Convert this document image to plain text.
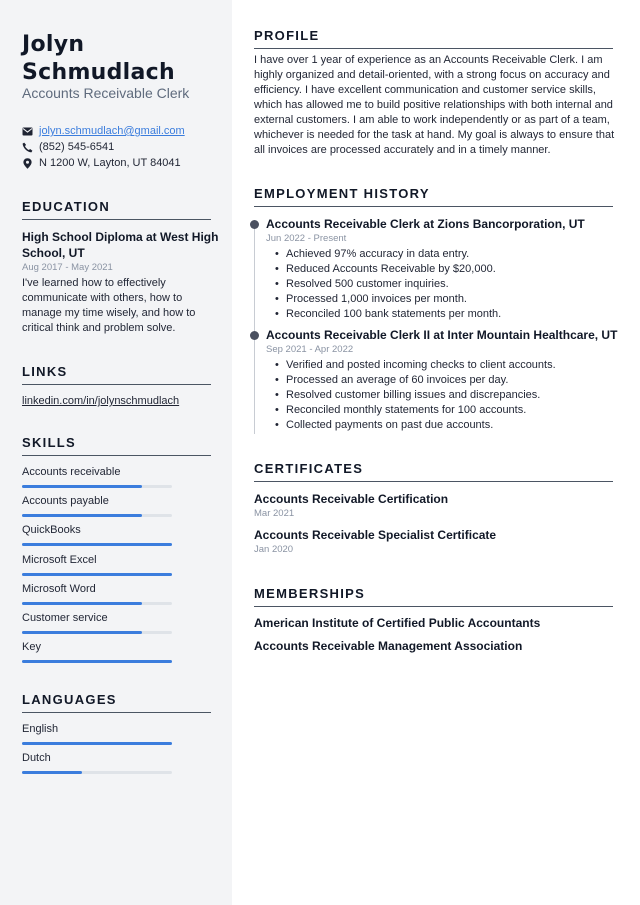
Jolyn Schmudlach
Accounts Receivable Clerk
jolyn.schmudlach@gmail.com
(852) 545-6541
N 1200 W, Layton, UT 84041
EDUCATION
High School Diploma at West High School, UT
Aug 2017 - May 2021
I've learned how to effectively communicate with others, how to manage my time wisely, and how to critical think and problem solve.
LINKS
linkedin.com/in/jolynschmudlach
SKILLS
Accounts receivable
Accounts payable
QuickBooks
Microsoft Excel
Microsoft Word
Customer service
Key
LANGUAGES
English
Dutch
PROFILE
I have over 1 year of experience as an Accounts Receivable Clerk. I am highly organized and detail-oriented, with a strong focus on accuracy and efficiency. I have excellent communication and customer service skills, which has allowed me to build positive relationships with both internal and external customers. I am able to work independently or as part of a team, whichever is needed for the task at hand. My goal is always to ensure that all invoices are processed accurately and in a timely manner.
EMPLOYMENT HISTORY
Accounts Receivable Clerk at Zions Bancorporation, UT
Jun 2022 - Present
• Achieved 97% accuracy in data entry.
• Reduced Accounts Receivable by $20,000.
• Resolved 500 customer inquiries.
• Processed 1,000 invoices per month.
• Reconciled 100 bank statements per month.
Accounts Receivable Clerk II at Inter Mountain Healthcare, UT
Sep 2021 - Apr 2022
• Verified and posted incoming checks to client accounts.
• Processed an average of 60 invoices per day.
• Resolved customer billing issues and discrepancies.
• Reconciled monthly statements for 100 accounts.
• Collected payments on past due accounts.
CERTIFICATES
Accounts Receivable Certification
Mar 2021
Accounts Receivable Specialist Certificate
Jan 2020
MEMBERSHIPS
American Institute of Certified Public Accountants
Accounts Receivable Management Association
